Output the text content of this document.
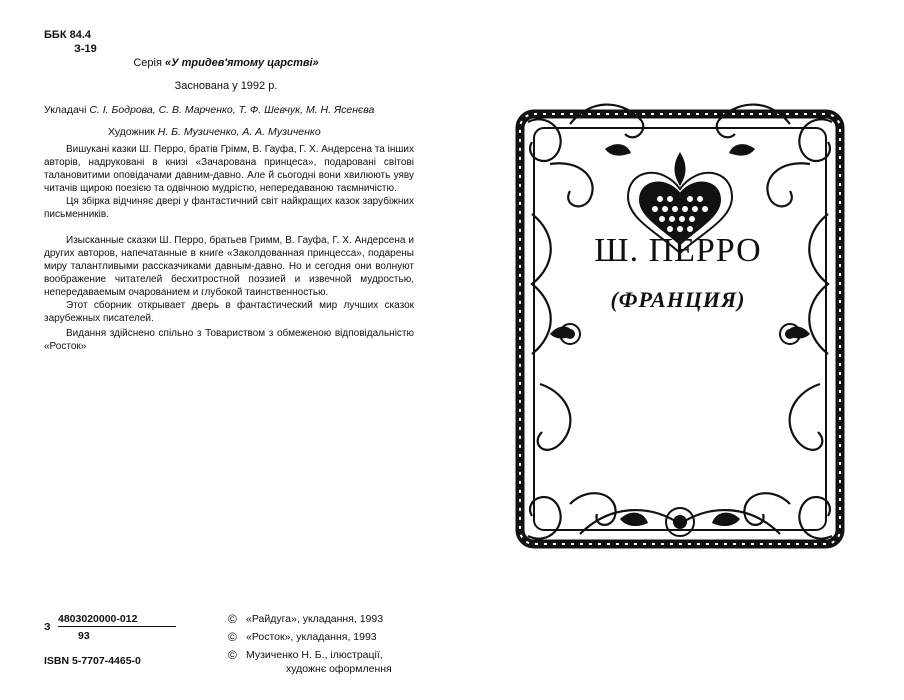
ББК 84.4
З-19
Серія «У тридев'ятому царстві»
Заснована у 1992 р.
Укладачі С. І. Бодрова, С. В. Марченко, Т. Ф. Шевчук, М. Н. Ясенєва
Художник Н. Б. Музиченко, А. А. Музиченко

Вишукані казки Ш. Перро, братів Грімм, В. Гауфа, Г. Х. Андерсена та інших авторів, надруковані в книзі «Зачарована принцеса», подаровані світові талановитими оповідачами давним-давно. Але й сьогодні вони хвилюють уяву читачів щирою поезією та одвічною мудрістю, непередаваною таємничістю.

Ця збірка відчиняє двері у фантастичний світ найкращих казок зарубіжних письменників.

Изысканные сказки Ш. Перро, братьев Гримм, В. Гауфа, Г. Х. Андерсена и других авторов, напечатанные в книге «Заколдованная принцесса», подарены миру талантливыми рассказчиками давным-давно. Но и сегодня они волнуют воображение читателей бесхитростной поэзией и извечной мудростью, непередаваемым очарованием и глубокой таинственностью.

Этот сборник открывает дверь в фантастический мир лучших сказок зарубежных писателей.

Видання здійснено спільно з Товариством з обмеженою відповідальністю «Росток»

З
4803020000-012
93
ISBN 5-7707-4465-0
© «Райдуга», укладання, 1993
© «Росток», укладання, 1993
© Музиченко Н. Б., ілюстрації,
художнє оформлення
Ш. ПЕРРО
(ФРАНЦИЯ)
